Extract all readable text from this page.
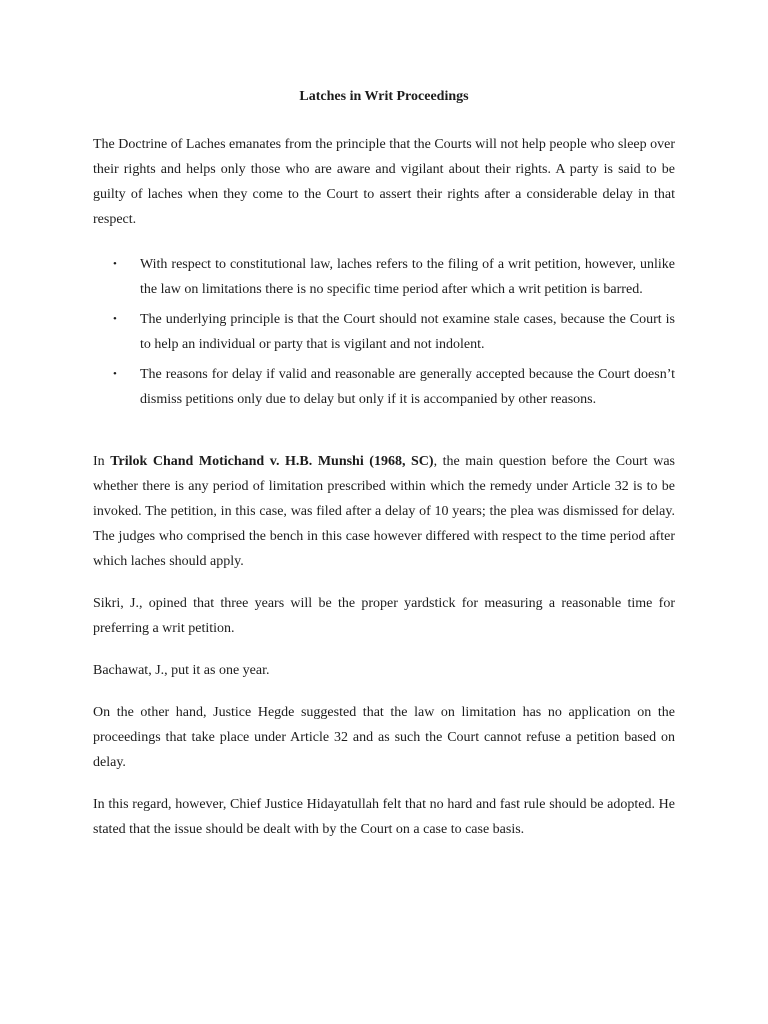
Latches in Writ Proceedings

The Doctrine of Laches emanates from the principle that the Courts will not help people who sleep over their rights and helps only those who are aware and vigilant about their rights. A party is said to be guilty of laches when they come to the Court to assert their rights after a considerable delay in that respect.

• With respect to constitutional law, laches refers to the filing of a writ petition, however, unlike the law on limitations there is no specific time period after which a writ petition is barred.
• The underlying principle is that the Court should not examine stale cases, because the Court is to help an individual or party that is vigilant and not indolent.
• The reasons for delay if valid and reasonable are generally accepted because the Court doesn’t dismiss petitions only due to delay but only if it is accompanied by other reasons.

In Trilok Chand Motichand v. H.B. Munshi (1968, SC), the main question before the Court was whether there is any period of limitation prescribed within which the remedy under Article 32 is to be invoked. The petition, in this case, was filed after a delay of 10 years; the plea was dismissed for delay. The judges who comprised the bench in this case however differed with respect to the time period after which laches should apply.

Sikri, J., opined that three years will be the proper yardstick for measuring a reasonable time for preferring a writ petition.

Bachawat, J., put it as one year.

On the other hand, Justice Hegde suggested that the law on limitation has no application on the proceedings that take place under Article 32 and as such the Court cannot refuse a petition based on delay.

In this regard, however, Chief Justice Hidayatullah felt that no hard and fast rule should be adopted. He stated that the issue should be dealt with by the Court on a case to case basis.
